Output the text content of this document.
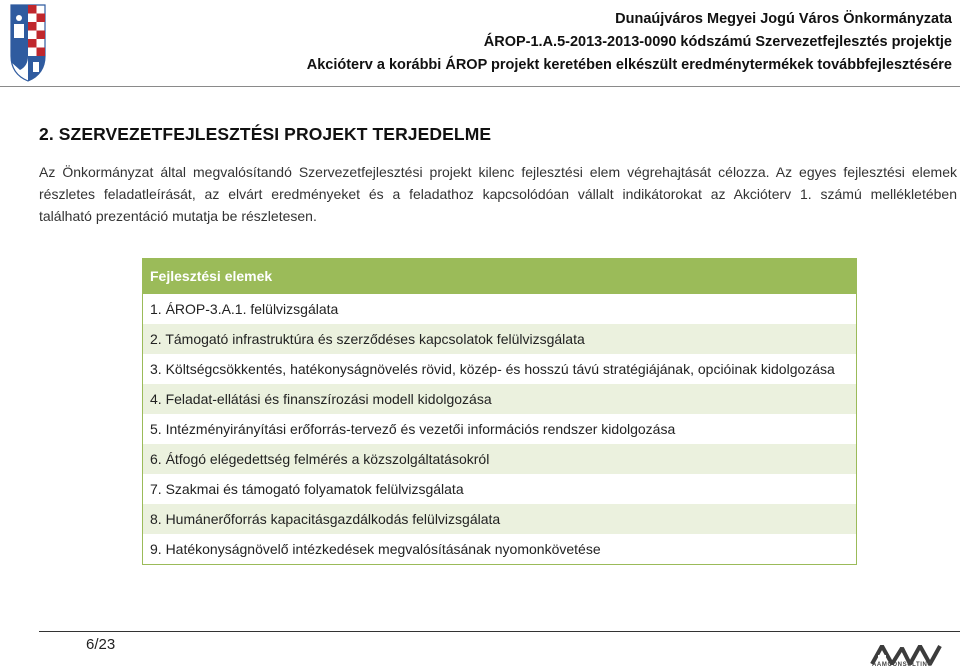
Dunaújváros Megyei Jogú Város Önkormányzata
ÁROP-1.A.5-2013-2013-0090 kódszámú Szervezetfejlesztés projektje
Akcióterv a korábbi ÁROP projekt keretében elkészült eredménytermékek továbbfejlesztésére
2. SZERVEZETFEJLESZTÉSI PROJEKT TERJEDELME
Az Önkormányzat által megvalósítandó Szervezetfejlesztési projekt kilenc fejlesztési elem végrehajtását célozza. Az egyes fejlesztési elemek
részletes feladatleírását, az elvárt eredményeket és a feladathoz kapcsolódóan vállalt indikátorokat az Akcióterv 1. számú mellékletében
található prezentáció mutatja be részletesen.
Fejlesztési elemek
1. ÁROP-3.A.1. felülvizsgálata
2. Támogató infrastruktúra és szerződéses kapcsolatok felülvizsgálata
3. Költségcsökkentés, hatékonyságnövelés rövid, közép- és hosszú távú stratégiájának, opcióinak kidolgozása
4. Feladat-ellátási és finanszírozási modell kidolgozása
5. Intézményirányítási erőforrás-tervező és vezetői információs rendszer kidolgozása
6. Átfogó elégedettség felmérés a közszolgáltatásokról
7. Szakmai és támogató folyamatok felülvizsgálata
8. Humánerőforrás kapacitásgazdálkodás felülvizsgálata
9. Hatékonyságnövelő intézkedések megvalósításának nyomonkövetése
6/23
AAMCONSULTING
